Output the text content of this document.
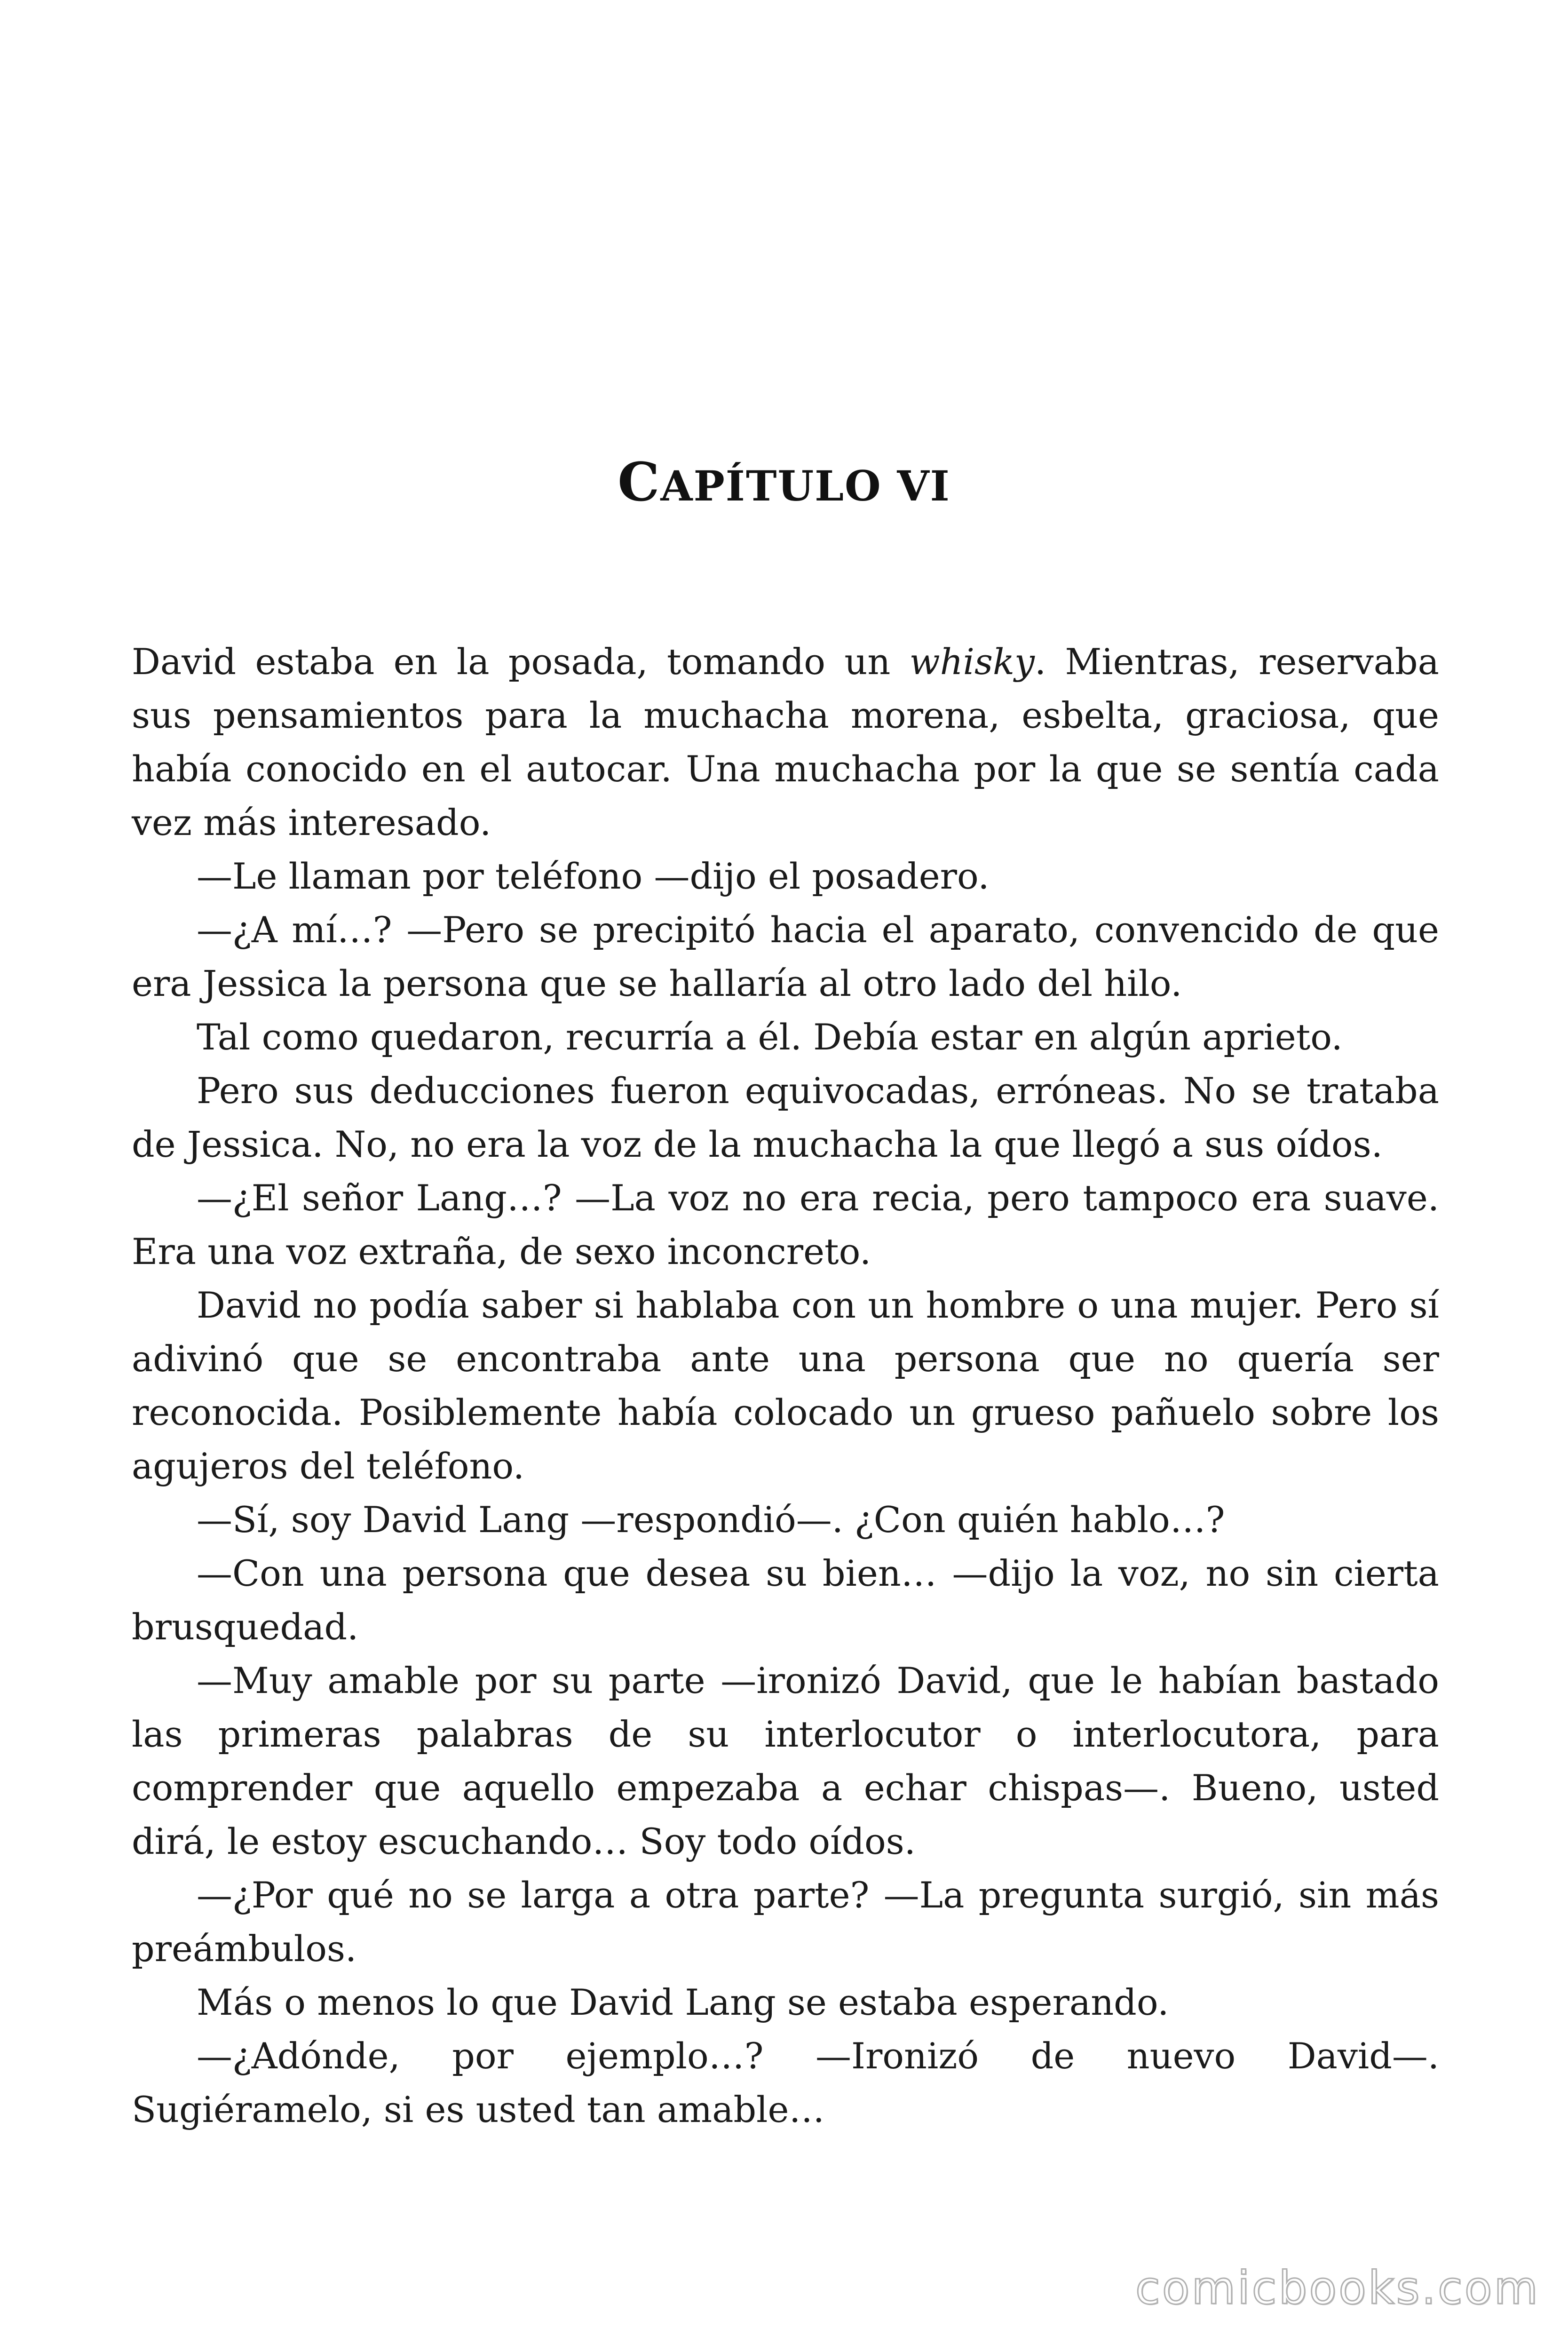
CAPÍTULO VI

David estaba en la posada, tomando un whisky. Mientras, reservaba sus pensamientos para la muchacha morena, esbelta, graciosa, que había conocido en el autocar. Una muchacha por la que se sentía cada vez más interesado.

—Le llaman por teléfono —dijo el posadero.

—¿A mí…? —Pero se precipitó hacia el aparato, convencido de que era Jessica la persona que se hallaría al otro lado del hilo.

Tal como quedaron, recurría a él. Debía estar en algún aprieto.

Pero sus deducciones fueron equivocadas, erróneas. No se trataba de Jessica. No, no era la voz de la muchacha la que llegó a sus oídos.

—¿El señor Lang…? —La voz no era recia, pero tampoco era suave. Era una voz extraña, de sexo inconcreto.

David no podía saber si hablaba con un hombre o una mujer. Pero sí adivinó que se encontraba ante una persona que no quería ser reconocida. Posiblemente había colocado un grueso pañuelo sobre los agujeros del teléfono.

—Sí, soy David Lang —respondió—. ¿Con quién hablo…?

—Con una persona que desea su bien… —dijo la voz, no sin cierta brusquedad.

—Muy amable por su parte —ironizó David, que le habían bastado las primeras palabras de su interlocutor o interlocutora, para comprender que aquello empezaba a echar chispas—. Bueno, usted dirá, le estoy escuchando… Soy todo oídos.

—¿Por qué no se larga a otra parte? —La pregunta surgió, sin más preámbulos.

Más o menos lo que David Lang se estaba esperando.

—¿Adónde, por ejemplo…? —Ironizó de nuevo David—. Sugiéramelo, si es usted tan amable…

comicbooks.com
